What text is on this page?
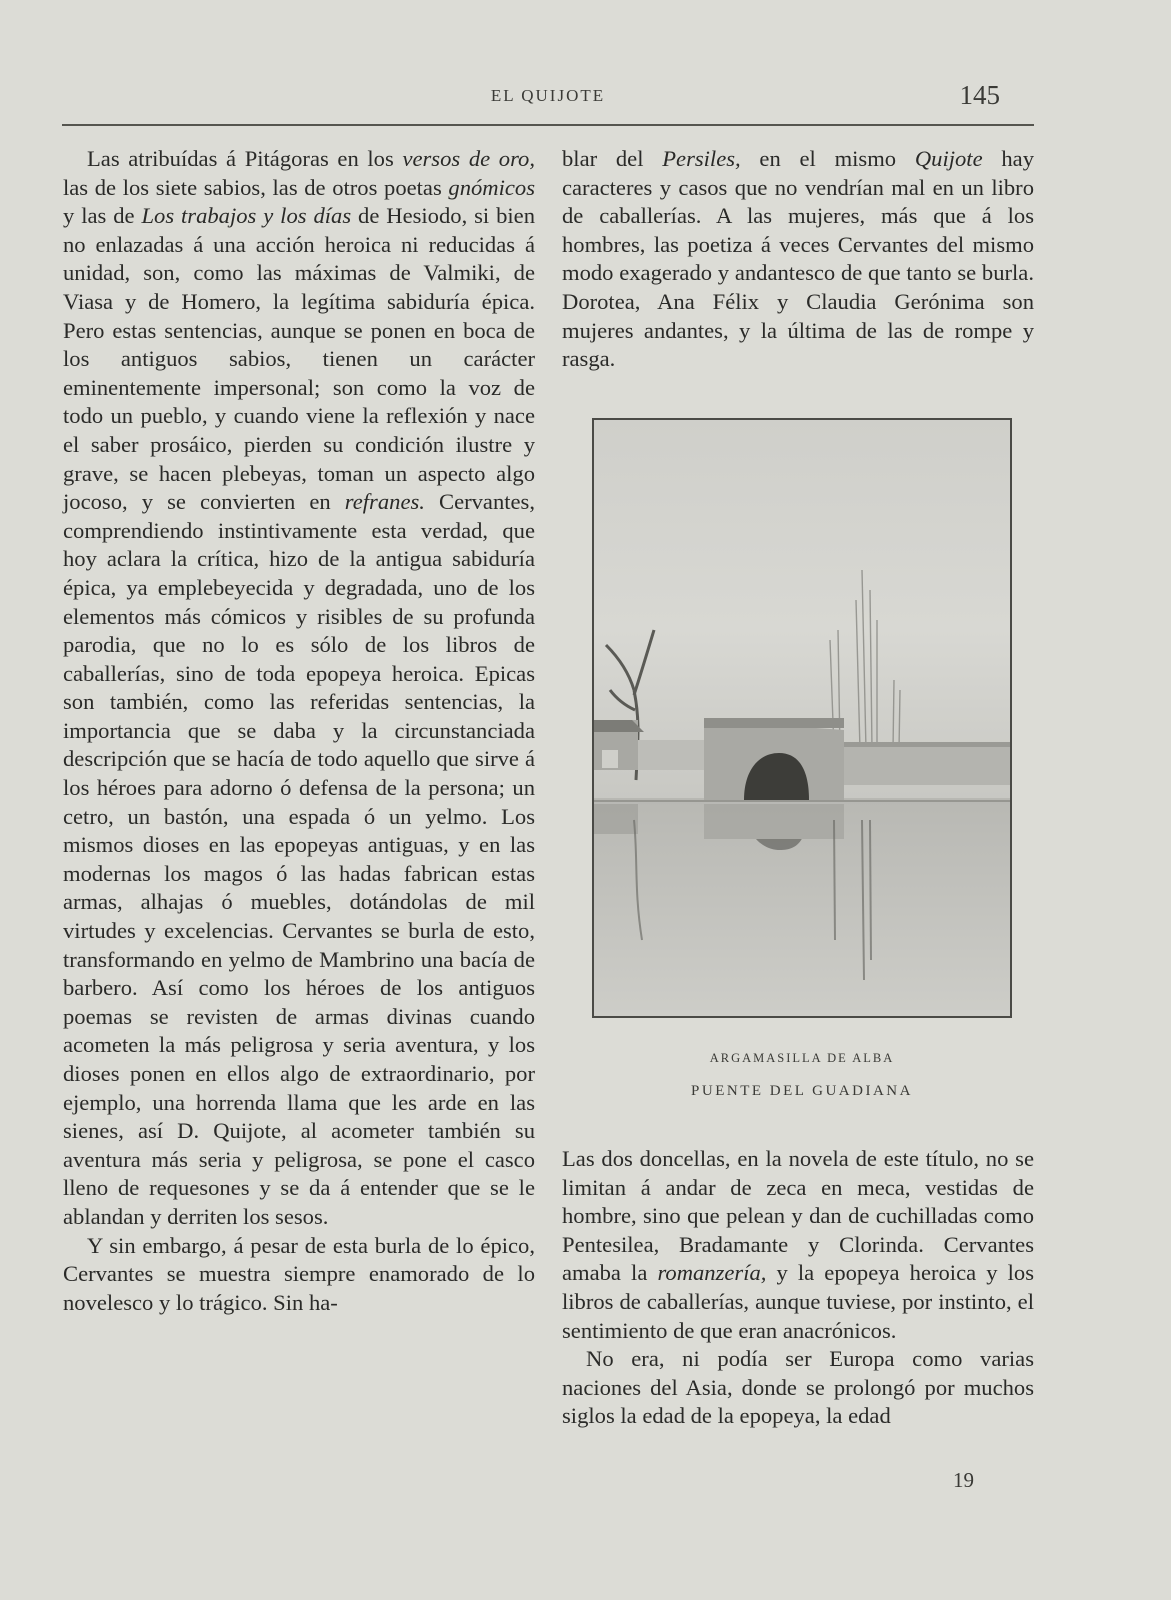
EL QUIJOTE	145

Las atribuídas á Pitágoras en los versos de oro, las de los siete sabios, las de otros poetas gnómicos y las de Los trabajos y los días de Hesiodo, si bien no enlazadas á una acción heroica ni reducidas á unidad, son, como las máximas de Valmiki, de Viasa y de Homero, la legítima sabiduría épica. Pero estas sentencias, aunque se ponen en boca de los antiguos sabios, tienen un carácter eminentemente impersonal; son como la voz de todo un pueblo, y cuando viene la reflexión y nace el saber prosáico, pierden su condición ilustre y grave, se hacen plebeyas, toman un aspecto algo jocoso, y se convierten en refranes. Cervantes, comprendiendo instintivamente esta verdad, que hoy aclara la crítica, hizo de la antigua sabiduría épica, ya emplebeyecida y degradada, uno de los elementos más cómicos y risibles de su profunda parodia, que no lo es sólo de los libros de caballerías, sino de toda epopeya heroica. Epicas son también, como las referidas sentencias, la importancia que se daba y la circunstanciada descripción que se hacía de todo aquello que sirve á los héroes para adorno ó defensa de la persona; un cetro, un bastón, una espada ó un yelmo. Los mismos dioses en las epopeyas antiguas, y en las modernas los magos ó las hadas fabrican estas armas, alhajas ó muebles, dotándolas de mil virtudes y excelencias. Cervantes se burla de esto, transformando en yelmo de Mambrino una bacía de barbero. Así como los héroes de los antiguos poemas se revisten de armas divinas cuando acometen la más peligrosa y seria aventura, y los dioses ponen en ellos algo de extraordinario, por ejemplo, una horrenda llama que les arde en las sienes, así D. Quijote, al acometer también su aventura más seria y peligrosa, se pone el casco lleno de requesones y se da á entender que se le ablandan y derriten los sesos.

Y sin embargo, á pesar de esta burla de lo épico, Cervantes se muestra siempre enamorado de lo novelesco y lo trágico. Sin ha-

blar del Persiles, en el mismo Quijote hay caracteres y casos que no vendrían mal en un libro de caballerías. A las mujeres, más que á los hombres, las poetiza á veces Cervantes del mismo modo exagerado y andantesco de que tanto se burla. Dorotea, Ana Félix y Claudia Gerónima son mujeres andantes, y la última de las de rompe y rasga.

ARGAMASILLA DE ALBA
PUENTE DEL GUADIANA

Las dos doncellas, en la novela de este título, no se limitan á andar de zeca en meca, vestidas de hombre, sino que pelean y dan de cuchilladas como Pentesilea, Bradamante y Clorinda. Cervantes amaba la romanzería, y la epopeya heroica y los libros de caballerías, aunque tuviese, por instinto, el sentimiento de que eran anacrónicos.

No era, ni podía ser Europa como varias naciones del Asia, donde se prolongó por muchos siglos la edad de la epopeya, la edad

19
